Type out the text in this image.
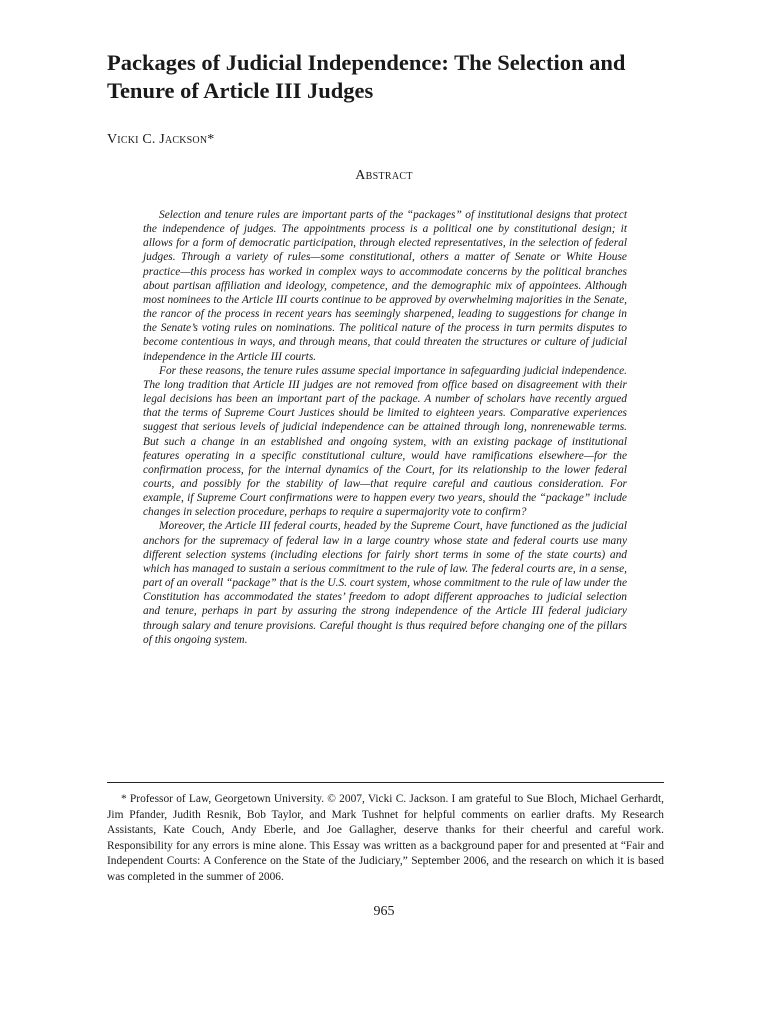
Packages of Judicial Independence: The Selection and Tenure of Article III Judges
Vicki C. Jackson*
Abstract

Selection and tenure rules are important parts of the “packages” of institutional designs that protect the independence of judges. The appointments process is a political one by constitutional design; it allows for a form of democratic participation, through elected representatives, in the selection of federal judges. Through a variety of rules—some constitutional, others a matter of Senate or White House practice—this process has worked in complex ways to accommodate concerns by the political branches about partisan affiliation and ideology, competence, and the demographic mix of appointees. Although most nominees to the Article III courts continue to be approved by overwhelming majorities in the Senate, the rancor of the process in recent years has seemingly sharpened, leading to suggestions for change in the Senate’s voting rules on nominations. The political nature of the process in turn permits disputes to become contentious in ways, and through means, that could threaten the structures or culture of judicial independence in the Article III courts.

For these reasons, the tenure rules assume special importance in safeguarding judicial independence. The long tradition that Article III judges are not removed from office based on disagreement with their legal decisions has been an important part of the package. A number of scholars have recently argued that the terms of Supreme Court Justices should be limited to eighteen years. Comparative experiences suggest that serious levels of judicial independence can be attained through long, nonrenewable terms. But such a change in an established and ongoing system, with an existing package of institutional features operating in a specific constitutional culture, would have ramifications elsewhere—for the confirmation process, for the internal dynamics of the Court, for its relationship to the lower federal courts, and possibly for the stability of law—that require careful and cautious consideration. For example, if Supreme Court confirmations were to happen every two years, should the “package” include changes in selection procedure, perhaps to require a supermajority vote to confirm?

Moreover, the Article III federal courts, headed by the Supreme Court, have functioned as the judicial anchors for the supremacy of federal law in a large country whose state and federal courts use many different selection systems (including elections for fairly short terms in some of the state courts) and which has managed to sustain a serious commitment to the rule of law. The federal courts are, in a sense, part of an overall “package” that is the U.S. court system, whose commitment to the rule of law under the Constitution has accommodated the states’ freedom to adopt different approaches to judicial selection and tenure, perhaps in part by assuring the strong independence of the Article III federal judiciary through salary and tenure provisions. Careful thought is thus required before changing one of the pillars of this ongoing system.

* Professor of Law, Georgetown University. © 2007, Vicki C. Jackson. I am grateful to Sue Bloch, Michael Gerhardt, Jim Pfander, Judith Resnik, Bob Taylor, and Mark Tushnet for helpful comments on earlier drafts. My Research Assistants, Kate Couch, Andy Eberle, and Joe Gallagher, deserve thanks for their cheerful and careful work. Responsibility for any errors is mine alone. This Essay was written as a background paper for and presented at “Fair and Independent Courts: A Conference on the State of the Judiciary,” September 2006, and the research on which it is based was completed in the summer of 2006.

965
